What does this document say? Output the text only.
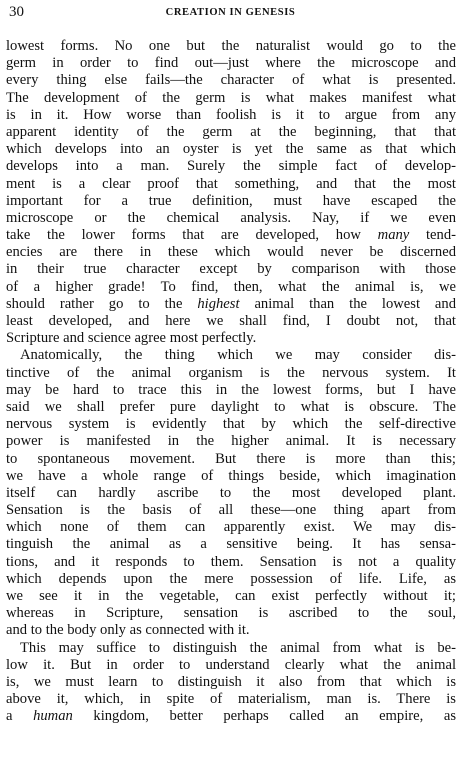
30	CREATION IN GENESIS
lowest forms. No one but the naturalist would go to the
germ in order to find out—just where the microscope and
every thing else fails—the character of what is presented.
The development of the germ is what makes manifest what
is in it. How worse than foolish is it to argue from any
apparent identity of the germ at the beginning, that that
which develops into an oyster is yet the same as that which
develops into a man. Surely the simple fact of develop-
ment is a clear proof that something, and that the most
important for a true definition, must have escaped the
microscope or the chemical analysis. Nay, if we even
take the lower forms that are developed, how many tend-
encies are there in these which would never be discerned
in their true character except by comparison with those
of a higher grade! To find, then, what the animal is, we
should rather go to the highest animal than the lowest and
least developed, and here we shall find, I doubt not, that
Scripture and science agree most perfectly.
Anatomically, the thing which we may consider dis-
tinctive of the animal organism is the nervous system. It
may be hard to trace this in the lowest forms, but I have
said we shall prefer pure daylight to what is obscure. The
nervous system is evidently that by which the self-directive
power is manifested in the higher animal. It is necessary
to spontaneous movement. But there is more than this;
we have a whole range of things beside, which imagination
itself can hardly ascribe to the most developed plant.
Sensation is the basis of all these—one thing apart from
which none of them can apparently exist. We may dis-
tinguish the animal as a sensitive being. It has sensa-
tions, and it responds to them. Sensation is not a quality
which depends upon the mere possession of life. Life, as
we see it in the vegetable, can exist perfectly without it;
whereas in Scripture, sensation is ascribed to the soul,
and to the body only as connected with it.
This may suffice to distinguish the animal from what is be-
low it. But in order to understand clearly what the animal
is, we must learn to distinguish it also from that which is
above it, which, in spite of materialism, man is. There is
a human kingdom, better perhaps called an empire, as
